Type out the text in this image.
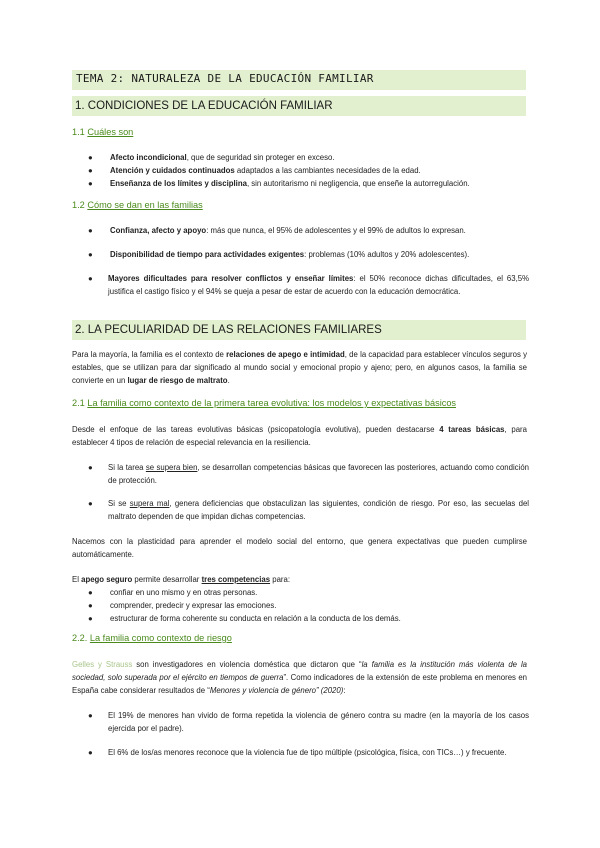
TEMA 2: NATURALEZA DE LA EDUCACIÓN FAMILIAR
1. CONDICIONES DE LA EDUCACIÓN FAMILIAR
1.1 Cuáles son
● Afecto incondicional, que de seguridad sin proteger en exceso.
● Atención y cuidados continuados adaptados a las cambiantes necesidades de la edad.
● Enseñanza de los límites y disciplina, sin autoritarismo ni negligencia, que enseñe la autorregulación.
1.2 Cómo se dan en las familias
● Confianza, afecto y apoyo: más que nunca, el 95% de adolescentes y el 99% de adultos lo expresan.
● Disponibilidad de tiempo para actividades exigentes: problemas (10% adultos y 20% adolescentes).
● Mayores dificultades para resolver conflictos y enseñar límites: el 50% reconoce dichas dificultades, el 63,5% justifica el castigo físico y el 94% se queja a pesar de estar de acuerdo con la educación democrática.
2. LA PECULIARIDAD DE LAS RELACIONES FAMILIARES
Para la mayoría, la familia es el contexto de relaciones de apego e intimidad, de la capacidad para establecer vínculos seguros y estables, que se utilizan para dar significado al mundo social y emocional propio y ajeno; pero, en algunos casos, la familia se convierte en un lugar de riesgo de maltrato.
2.1 La familia como contexto de la primera tarea evolutiva: los modelos y expectativas básicos
Desde el enfoque de las tareas evolutivas básicas (psicopatología evolutiva), pueden destacarse 4 tareas básicas, para establecer 4 tipos de relación de especial relevancia en la resiliencia.
● Si la tarea se supera bien, se desarrollan competencias básicas que favorecen las posteriores, actuando como condición de protección.
● Si se supera mal, genera deficiencias que obstaculizan las siguientes, condición de riesgo. Por eso, las secuelas del maltrato dependen de que impidan dichas competencias.
Nacemos con la plasticidad para aprender el modelo social del entorno, que genera expectativas que pueden cumplirse automáticamente.
El apego seguro permite desarrollar tres competencias para:
● confiar en uno mismo y en otras personas.
● comprender, predecir y expresar las emociones.
● estructurar de forma coherente su conducta en relación a la conducta de los demás.
2.2. La familia como contexto de riesgo
Gelles y Strauss son investigadores en violencia doméstica que dictaron que “la familia es la institución más violenta de la sociedad, solo superada por el ejército en tiempos de guerra”. Como indicadores de la extensión de este problema en menores en España cabe considerar resultados de “Menores y violencia de género” (2020):
● El 19% de menores han vivido de forma repetida la violencia de género contra su madre (en la mayoría de los casos ejercida por el padre).
● El 6% de los/as menores reconoce que la violencia fue de tipo múltiple (psicológica, física, con TICs…) y frecuente.
